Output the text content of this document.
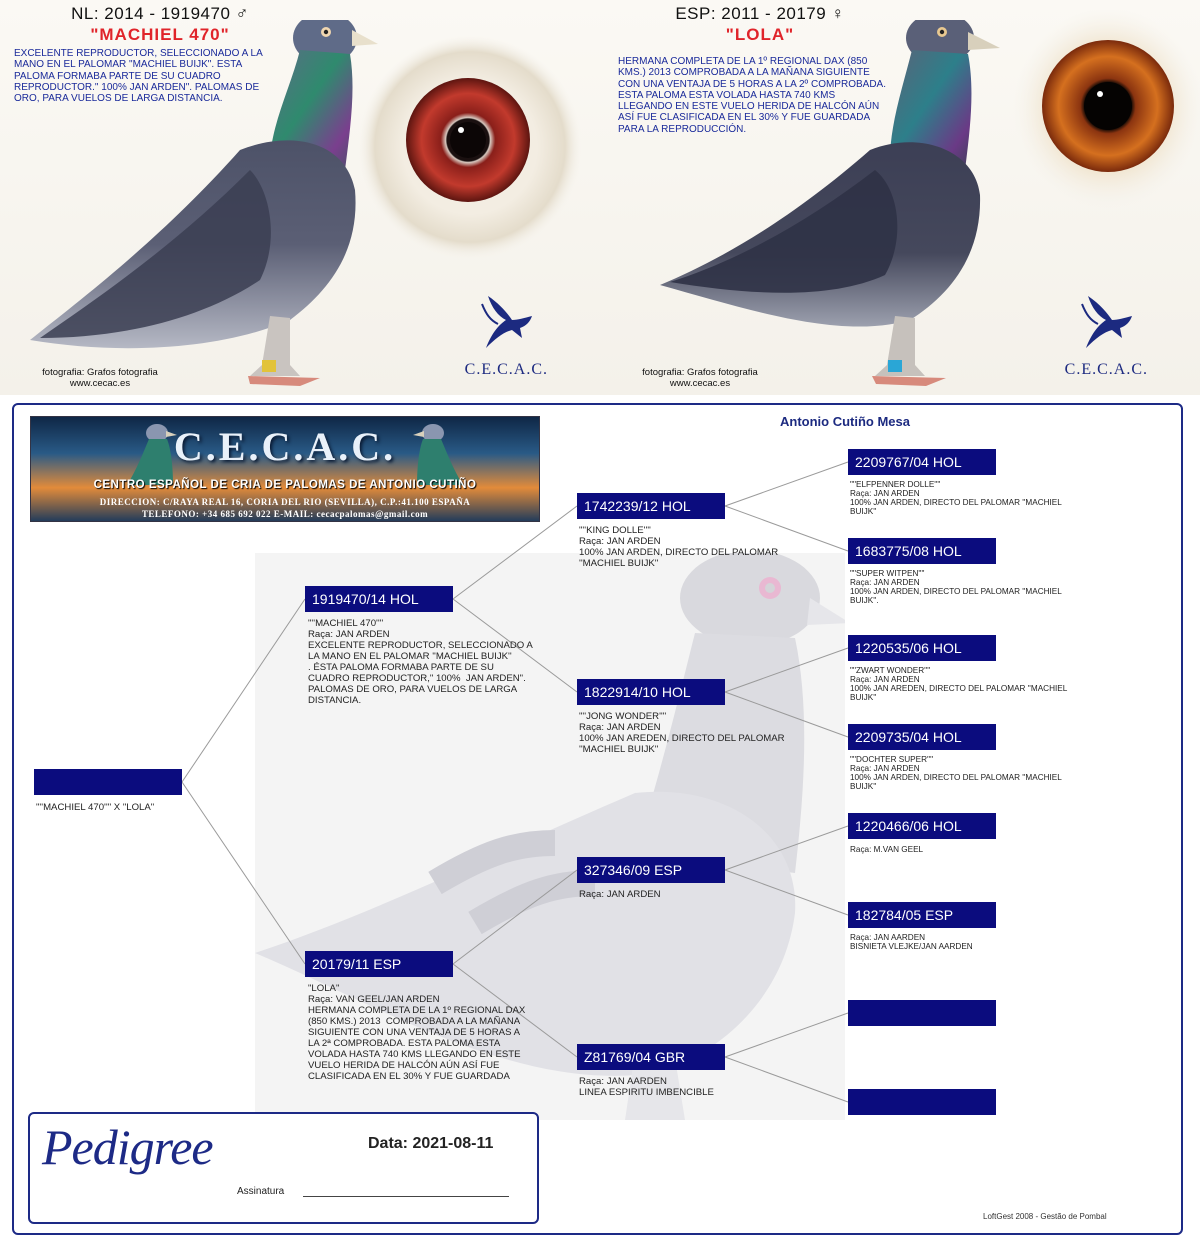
NL: 2014 - 1919470 ♂
"MACHIEL 470"
EXCELENTE REPRODUCTOR, SELECCIONADO A LA MANO EN EL PALOMAR "MACHIEL BUIJK". ESTA PALOMA FORMABA PARTE DE SU CUADRO REPRODUCTOR." 100% JAN ARDEN". PALOMAS DE ORO, PARA VUELOS DE LARGA DISTANCIA.
fotografia: Grafos fotografia
www.cecac.es
C.E.C.A.C.
ESP: 2011 - 20179 ♀
"LOLA"
HERMANA COMPLETA DE LA 1º REGIONAL DAX (850 KMS.) 2013 COMPROBADA A LA MAÑANA SIGUIENTE CON UNA VENTAJA DE 5 HORAS A LA 2º COMPROBADA. ESTA PALOMA ESTA VOLADA HASTA 740 KMS LLEGANDO EN ESTE VUELO HERIDA DE HALCÓN AÚN ASÍ FUE CLASIFICADA EN EL 30% Y FUE GUARDADA PARA LA REPRODUCCIÓN.
fotografia: Grafos fotografia
www.cecac.es
C.E.C.A.C.
Antonio Cutiño Mesa
C.E.C.A.C.
CENTRO ESPAÑOL DE CRIA DE PALOMAS DE ANTONIO CUTIÑO
DIRECCION: C/RAYA REAL 16, CORIA DEL RIO (SEVILLA), C.P.:41.100 ESPAÑA
TELEFONO: +34 685 692 022 E-MAIL: cecacpalomas@gmail.com
"''MACHIEL 470''" X "LOLA"
1919470/14 HOL
"''MACHIEL 470''"
Raça: JAN ARDEN
EXCELENTE REPRODUCTOR, SELECCIONADO A
LA MANO EN EL PALOMAR ''MACHIEL BUIJK''
. ÉSTA PALOMA FORMABA PARTE DE SU
CUADRO REPRODUCTOR," 100%  JAN ARDEN".
PALOMAS DE ORO, PARA VUELOS DE LARGA
DISTANCIA.
20179/11 ESP
"LOLA"
Raça: VAN GEEL/JAN ARDEN
HERMANA COMPLETA DE LA 1º REGIONAL DAX
(850 KMS.) 2013  COMPROBADA A LA MAÑANA
SIGUIENTE CON UNA VENTAJA DE 5 HORAS A
LA 2ª COMPROBADA. ESTA PALOMA ESTA
VOLADA HASTA 740 KMS LLEGANDO EN ESTE
VUELO HERIDA DE HALCÓN AÚN ASÍ FUE
CLASIFICADA EN EL 30% Y FUE GUARDADA
1742239/12 HOL
"''KING DOLLE''"
Raça: JAN ARDEN
100% JAN ARDEN, DIRECTO DEL PALOMAR
''MACHIEL BUIJK''
1822914/10 HOL
"''JONG WONDER''"
Raça: JAN ARDEN
100% JAN AREDEN, DIRECTO DEL PALOMAR
''MACHIEL BUIJK''
327346/09 ESP
Raça: JAN ARDEN
Z81769/04 GBR
Raça: JAN AARDEN
LINEA ESPIRITU IMBENCIBLE
2209767/04 HOL
"''ELFPENNER DOLLE''"
Raça: JAN ARDEN
100% JAN ARDEN, DIRECTO DEL PALOMAR ''MACHIEL
BUIJK''
1683775/08 HOL
"''SUPER WITPEN''"
Raça: JAN ARDEN
100% JAN ARDEN, DIRECTO DEL PALOMAR ''MACHIEL
BUIJK''.
1220535/06 HOL
"''ZWART WONDER''"
Raça: JAN ARDEN
100% JAN AREDEN, DIRECTO DEL PALOMAR ''MACHIEL
BUIJK''
2209735/04 HOL
"''DOCHTER SUPER''"
Raça: JAN ARDEN
100% JAN ARDEN, DIRECTO DEL PALOMAR ''MACHIEL
BUIJK''
1220466/06 HOL
Raça: M.VAN GEEL
182784/05 ESP
Raça: JAN AARDEN
BISNIETA VLEJKE/JAN AARDEN
Pedigree	Data: 2021-08-11
Assinatura
LoftGest 2008 - Gestão de Pombal
